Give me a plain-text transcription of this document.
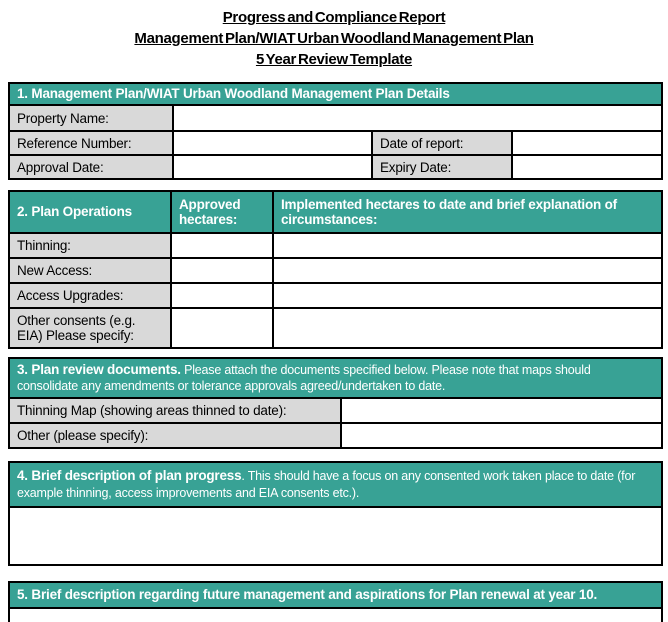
Progress and Compliance Report
Management Plan/WIAT Urban Woodland Management Plan
5 Year Review Template
1. Management Plan/WIAT Urban Woodland Management Plan Details			
Property Name:			
Reference Number:		Date of report:	
Approval Date:		Expiry Date:	
2. Plan Operations	Approved hectares:	Implemented hectares to date and brief explanation of circumstances:
Thinning:		
New Access:		
Access Upgrades:		
Other consents (e.g. EIA) Please specify:		
3. Plan review documents. Please attach the documents specified below. Please note that maps should consolidate any amendments or tolerance approvals agreed/undertaken to date.	
Thinning Map (showing areas thinned to date):	
Other (please specify):	
4. Brief description of plan progress. This should have a focus on any consented work taken place to date (for example thinning, access improvements and EIA consents etc.).

5. Brief description regarding future management and aspirations for Plan renewal at year 10.
